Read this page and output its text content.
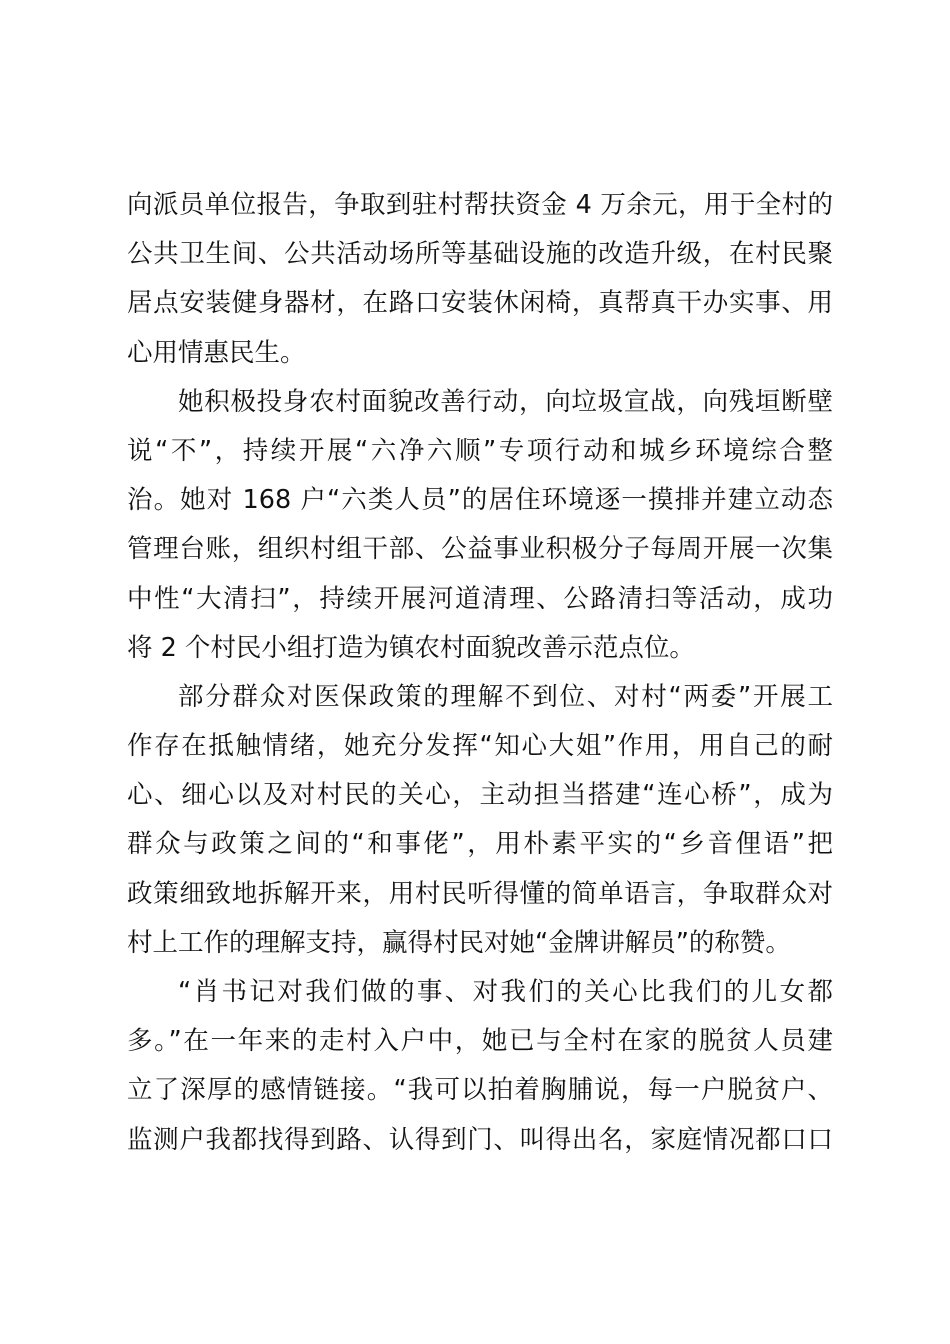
向派员单位报告，争取到驻村帮扶资金 4 万余元，用于全村的
公共卫生间、公共活动场所等基础设施的改造升级，在村民聚
居点安装健身器材，在路口安装休闲椅，真帮真干办实事、用
心用情惠民生。
她积极投身农村面貌改善行动，向垃圾宣战，向残垣断壁
说“不”，持续开展“六净六顺”专项行动和城乡环境综合整
治。她对 168 户“六类人员”的居住环境逐一摸排并建立动态
管理台账，组织村组干部、公益事业积极分子每周开展一次集
中性“大清扫”，持续开展河道清理、公路清扫等活动，成功
将 2 个村民小组打造为镇农村面貌改善示范点位。
部分群众对医保政策的理解不到位、对村“两委”开展工
作存在抵触情绪，她充分发挥“知心大姐”作用，用自己的耐
心、细心以及对村民的关心，主动担当搭建“连心桥”，成为
群众与政策之间的“和事佬”，用朴素平实的“乡音俚语”把
政策细致地拆解开来，用村民听得懂的简单语言，争取群众对
村上工作的理解支持，赢得村民对她“金牌讲解员”的称赞。
“肖书记对我们做的事、对我们的关心比我们的儿女都
多。”在一年来的走村入户中，她已与全村在家的脱贫人员建
立了深厚的感情链接。“我可以拍着胸脯说，每一户脱贫户、
监测户我都找得到路、认得到门、叫得出名，家庭情况都口口
